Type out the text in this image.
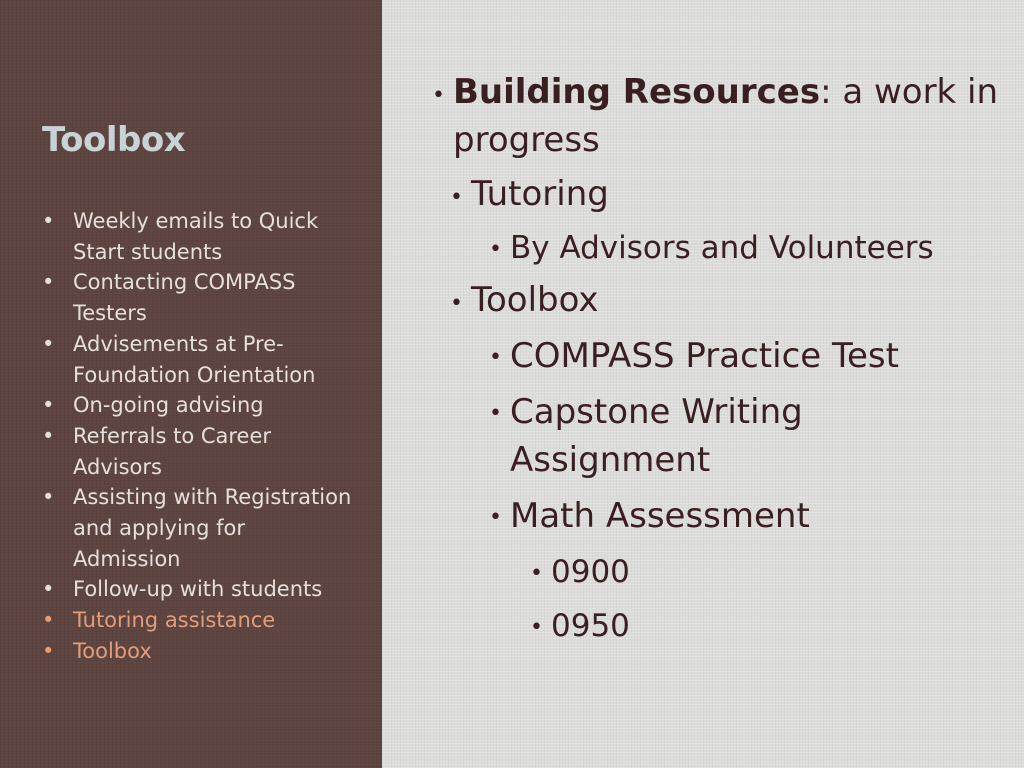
Toolbox
• Weekly emails to Quick Start students
• Contacting COMPASS Testers
• Advisements at Pre-Foundation Orientation
• On-going advising
• Referrals to Career Advisors
• Assisting with Registration and applying for Admission
• Follow-up with students
• Tutoring assistance
• Toolbox
• Building Resources: a work in progress
• Tutoring
• By Advisors and Volunteers
• Toolbox
• COMPASS Practice Test
• Capstone Writing Assignment
• Math Assessment
• 0900
• 0950
